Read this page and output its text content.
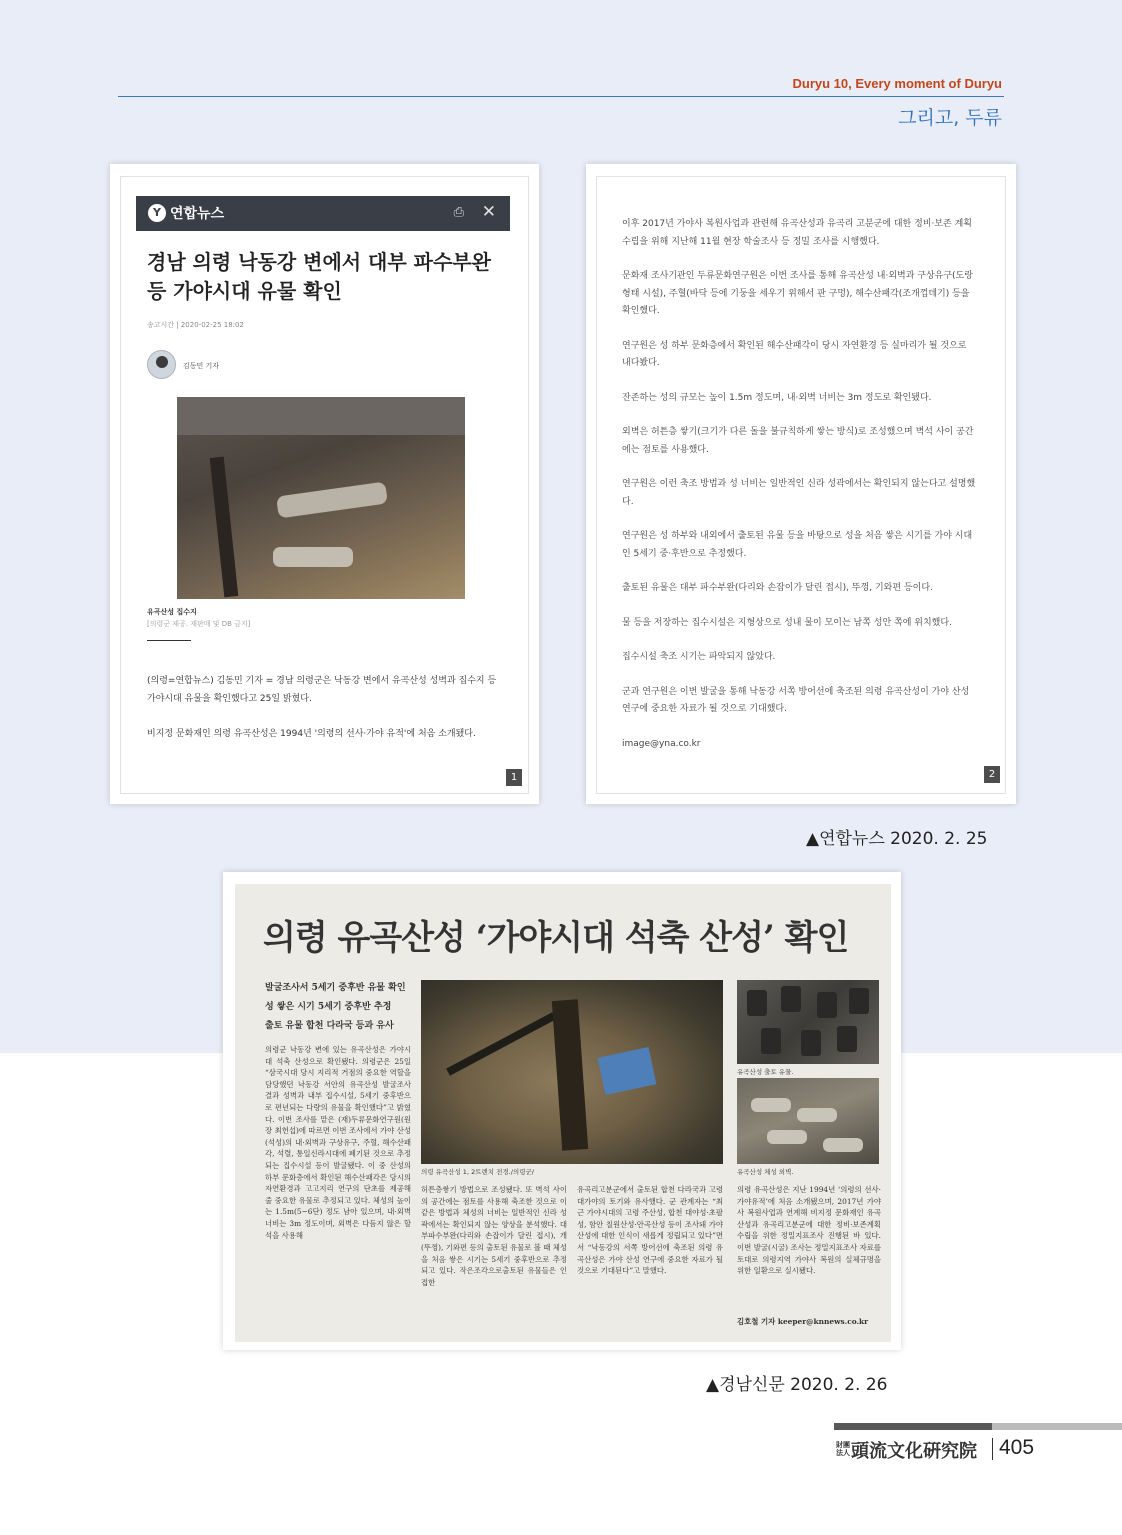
Duryu 10, Every moment of Duryu
그리고, 두류
Y 연합뉴스	⎙ ✕
경남 의령 낙동강 변에서 대부 파수부완 등 가야시대 유물 확인
송고시간 | 2020-02-25 18:02
김동민 기자
유곡산성 집수지
[의령군 제공. 재판매 및 DB 금지]
(의령=연합뉴스) 김동민 기자 = 경남 의령군은 낙동강 변에서 유곡산성 성벽과 집수지 등 가야시대 유물을 확인했다고 25일 밝혔다.
비지정 문화재인 의령 유곡산성은 1994년 '의령의 선사·가야 유적'에 처음 소개됐다.
1

이후 2017년 가야사 복원사업과 관련해 유곡산성과 유곡리 고분군에 대한 정비·보존 계획 수립을 위해 지난해 11월 현장 학술조사 등 정밀 조사를 시행했다.

문화재 조사기관인 두류문화연구원은 이번 조사를 통해 유곡산성 내·외벽과 구상유구(도랑 형태 시설), 주혈(바닥 등에 기둥을 세우기 위해서 판 구멍), 해수산패각(조개껍데기) 등을 확인했다.

연구원은 성 하부 문화층에서 확인된 해수산패각이 당시 자연환경 등 실마리가 될 것으로 내다봤다.

잔존하는 성의 규모는 높이 1.5m 정도며, 내·외벽 너비는 3m 정도로 확인됐다.

외벽은 허튼층 쌓기(크기가 다른 돌을 불규칙하게 쌓는 방식)로 조성했으며 벽석 사이 공간에는 점토를 사용했다.

연구원은 이런 축조 방법과 성 너비는 일반적인 신라 성곽에서는 확인되지 않는다고 설명했다.

연구원은 성 하부와 내외에서 출토된 유물 등을 바탕으로 성을 처음 쌓은 시기를 가야 시대인 5세기 중·후반으로 추정했다.

출토된 유물은 대부 파수부완(다리와 손잡이가 달린 접시), 뚜껑, 기와편 등이다.

물 등을 저장하는 집수시설은 지형상으로 성내 물이 모이는 남쪽 성안 쪽에 위치했다.

집수시설 축조 시기는 파악되지 않았다.

군과 연구원은 이번 발굴을 통해 낙동강 서쪽 방어선에 축조된 의령 유곡산성이 가야 산성 연구에 중요한 자료가 될 것으로 기대했다.

image@yna.co.kr

2
▲연합뉴스 2020. 2. 25
의령 유곡산성 ‘가야시대 석축 산성’ 확인
발굴조사서 5세기 중후반 유물 확인
성 쌓은 시기 5세기 중후반 추정
출토 유물 합천 다라국 등과 유사
의령군 낙동강 변에 있는 유곡산성은 가야시대 석축 산성으로 확인됐다. 의령군은 25일 “삼국시대 당시 지리적 거점의 중요한 역할을 담당했던 낙동강 서안의 유곡산성 발굴조사 결과 성벽과 내부 집수시설, 5세기 중후반으로 편년되는 다량의 유물을 확인했다”고 밝혔다. 이번 조사를 맡은 (재)두류문화연구원(원장 최헌섭)에 따르면 이번 조사에서 가야 산성(석성)의 내·외벽과 구상유구, 주혈, 해수산패각, 석렬, 통일신라시대에 폐기된 것으로 추정되는 집수시설 등이 발굴됐다. 이 중 산성의 하부 문화층에서 확인된 해수산패각은 당시의 자연환경과 고고지리 연구의 단초를 제공해 줄 중요한 유물로 추정되고 있다. 체성의 높이는 1.5m(5~6단) 정도 남아 있으며, 내·외벽 너비는 3m 정도이며, 외벽은 다듬지 않은 할석을 사용해
의령 유곡산성 1, 2트렌치 전경./의령군/
허튼층쌓기 방법으로 조성됐다. 또 벽석 사이의 공간에는 점토를 사용해 축조한 것으로 이 같은 방법과 체성의 너비는 일반적인 신라 성곽에서는 확인되지 않는 양상을 분석했다. 대부파수부완(다리와 손잡이가 달린 접시), 개(뚜껑), 기와편 등의 출토된 유물로 볼 때 체성을 처음 쌓은 시기는 5세기 중후반으로 추정되고 있다. 작은조각으로출토된 유물들은 인접한
유곡리고분군에서 출토된 합천 다라국과 고령 대가야의 토기와 유사했다. 군 관계자는 “최근 가야시대의 고령 주산성, 합천 대야성·초팔성, 함안 칠원산성·안곡산성 등이 조사돼 가야 산성에 대한 인식이 새롭게 정립되고 있다”면서 “낙동강의 서쪽 방어선에 축조된 의령 유곡산성은 가야 산성 연구에 중요한 자료가 될 것으로 기대된다”고 말했다.
유곡산성 출토 유물.
유곡산성 체성 외벽.
의령 유곡산성은 지난 1994년 ‘의령의 선사·가야유적’에 처음 소개됐으며, 2017년 가야사 복원사업과 연계해 비지정 문화재인 유곡산성과 유곡리고분군에 대한 정비·보존계획 수립을 위한 정밀지표조사 진행된 바 있다. 이번 발굴(시굴) 조사는 정밀지표조사 자료를 토대로 의령지역 가야사 복원의 실체규명을 위한 일환으로 실시됐다.
김호철 기자 keeper@knnews.co.kr
▲경남신문 2020. 2. 26
財團 法人 頭流文化硏究院 405
